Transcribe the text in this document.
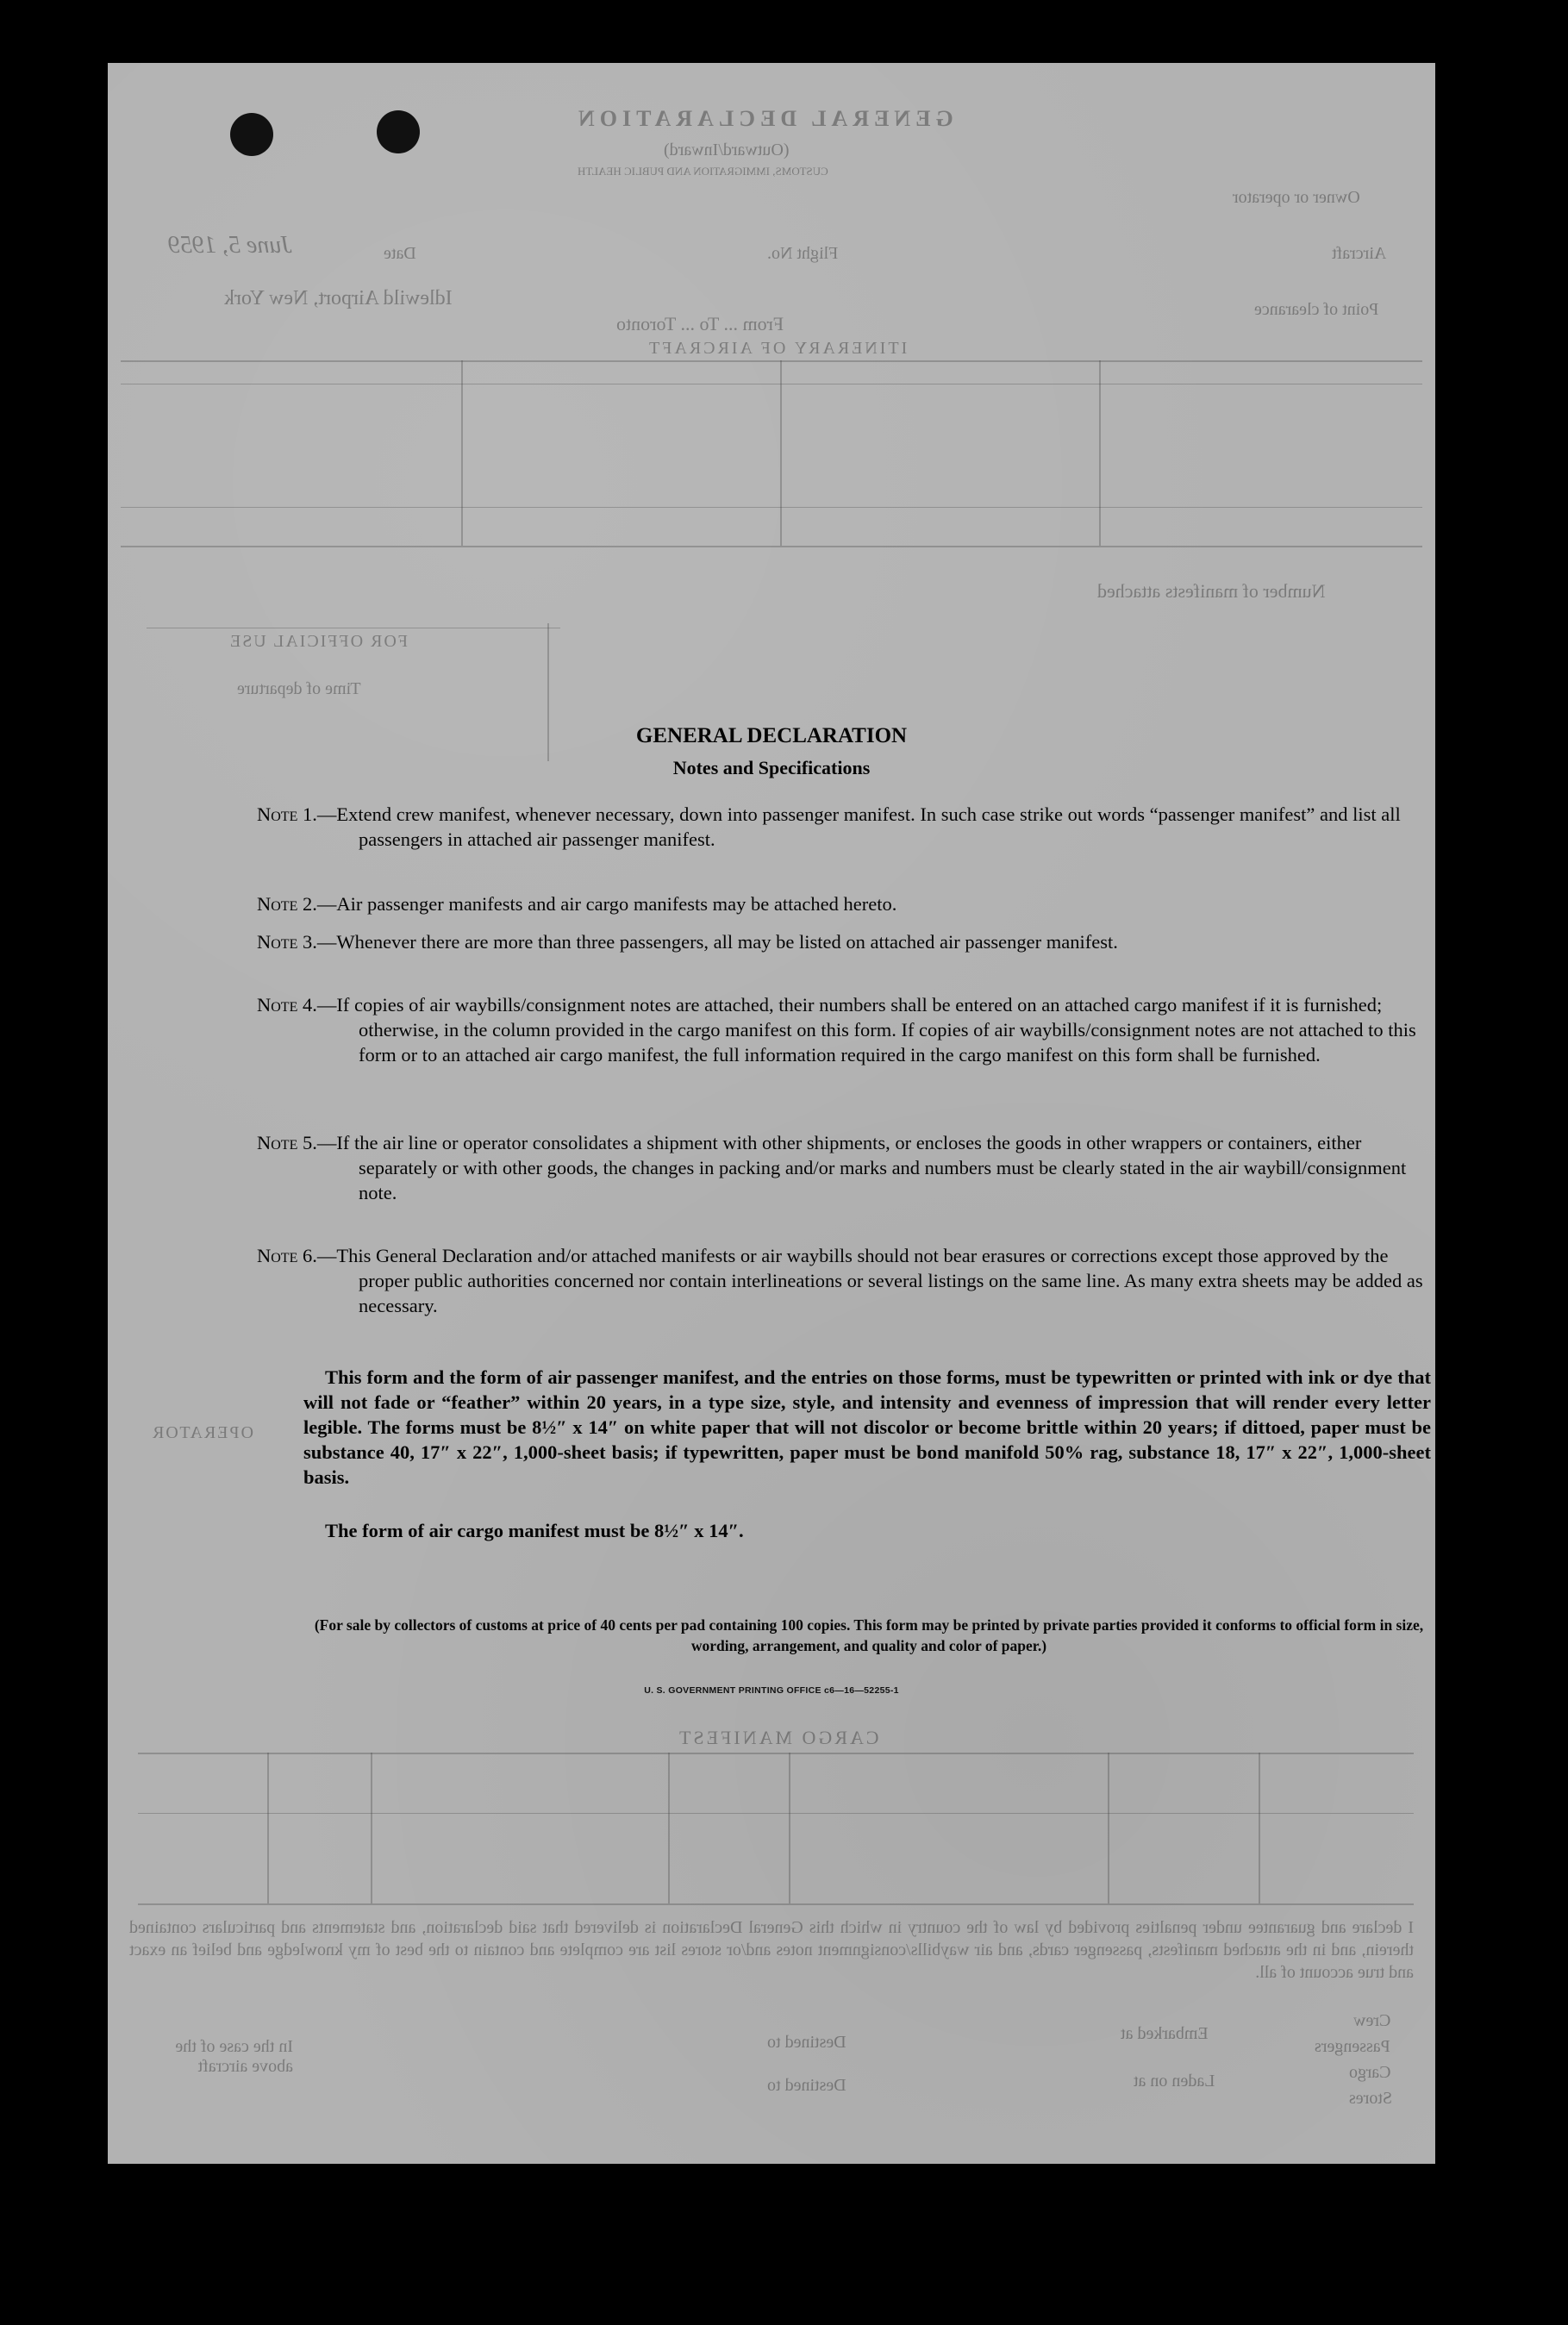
GENERAL DECLARATION
(Outward/Inward)
CUSTOMS, IMMIGRATION AND PUBLIC HEALTH
Owner or operator
Aircraft
Flight No.
Date
June 5, 1959
Point of clearance
Idlewild Airport, New York
From ... To ... Toronto
ITINERARY OF AIRCRAFT
Number of manifests attached
FOR OFFICIAL USE
Time of departure
OPERATOR
CARGO MANIFEST
I declare and guarantee under penalties provided by law of the country in which this General Declaration is delivered that said declaration, and statements and particulars contained therein, and in the attached manifests, passenger cards, and air waybills/consignment notes and/or stores list are complete and contain to the best of my knowledge and belief an exact and true account of all.
Crew
Passengers
Cargo
Stores
Embarked at
Laden on at
Destined to
Destined to
In the case of the above aircraft
GENERAL DECLARATION
Notes and Specifications

Note 1.—Extend crew manifest, whenever necessary, down into passenger manifest. In such case strike out words “passenger manifest” and list all passengers in attached air passenger manifest.

Note 2.—Air passenger manifests and air cargo manifests may be attached hereto.

Note 3.—Whenever there are more than three passengers, all may be listed on attached air passenger manifest.

Note 4.—If copies of air waybills/consignment notes are attached, their numbers shall be entered on an attached cargo manifest if it is furnished; otherwise, in the column provided in the cargo manifest on this form. If copies of air waybills/consignment notes are not attached to this form or to an attached air cargo manifest, the full information required in the cargo manifest on this form shall be furnished.

Note 5.—If the air line or operator consolidates a shipment with other shipments, or encloses the goods in other wrappers or containers, either separately or with other goods, the changes in packing and/or marks and numbers must be clearly stated in the air waybill/consignment note.

Note 6.—This General Declaration and/or attached manifests or air waybills should not bear erasures or corrections except those approved by the proper public authorities concerned nor contain interlineations or several listings on the same line. As many extra sheets may be added as necessary.

This form and the form of air passenger manifest, and the entries on those forms, must be typewritten or printed with ink or dye that will not fade or “feather” within 20 years, in a type size, style, and intensity and evenness of impression that will render every letter legible. The forms must be 8½″ x 14″ on white paper that will not discolor or become brittle within 20 years; if dittoed, paper must be substance 40, 17″ x 22″, 1,000-sheet basis; if typewritten, paper must be bond manifold 50% rag, substance 18, 17″ x 22″, 1,000-sheet basis.

The form of air cargo manifest must be 8½″ x 14″.

(For sale by collectors of customs at price of 40 cents per pad containing 100 copies. This form may be printed by private parties provided it conforms to official form in size, wording, arrangement, and quality and color of paper.)

U. S. GOVERNMENT PRINTING OFFICE c6—16—52255-1
